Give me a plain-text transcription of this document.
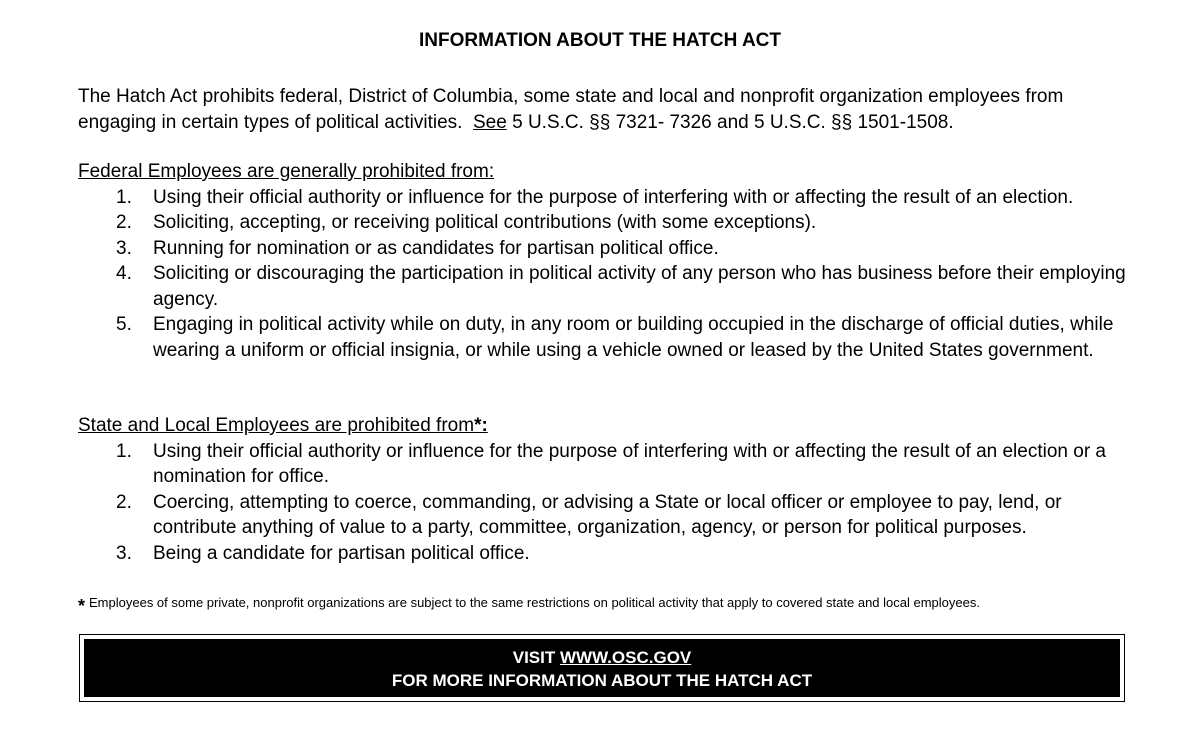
INFORMATION ABOUT THE HATCH ACT

The Hatch Act prohibits federal, District of Columbia, some state and local and nonprofit organization employees from engaging in certain types of political activities. See 5 U.S.C. §§ 7321- 7326 and 5 U.S.C. §§ 1501-1508.

Federal Employees are generally prohibited from:
1. Using their official authority or influence for the purpose of interfering with or affecting the result of an election.
2. Soliciting, accepting, or receiving political contributions (with some exceptions).
3. Running for nomination or as candidates for partisan political office.
4. Soliciting or discouraging the participation in political activity of any person who has business before their employing agency.
5. Engaging in political activity while on duty, in any room or building occupied in the discharge of official duties, while wearing a uniform or official insignia, or while using a vehicle owned or leased by the United States government.
State and Local Employees are prohibited from*:
1. Using their official authority or influence for the purpose of interfering with or affecting the result of an election or a nomination for office.
2. Coercing, attempting to coerce, commanding, or advising a State or local officer or employee to pay, lend, or contribute anything of value to a party, committee, organization, agency, or person for political purposes.
3. Being a candidate for partisan political office.

* Employees of some private, nonprofit organizations are subject to the same restrictions on political activity that apply to covered state and local employees.

VISIT WWW.OSC.GOV
FOR MORE INFORMATION ABOUT THE HATCH ACT
